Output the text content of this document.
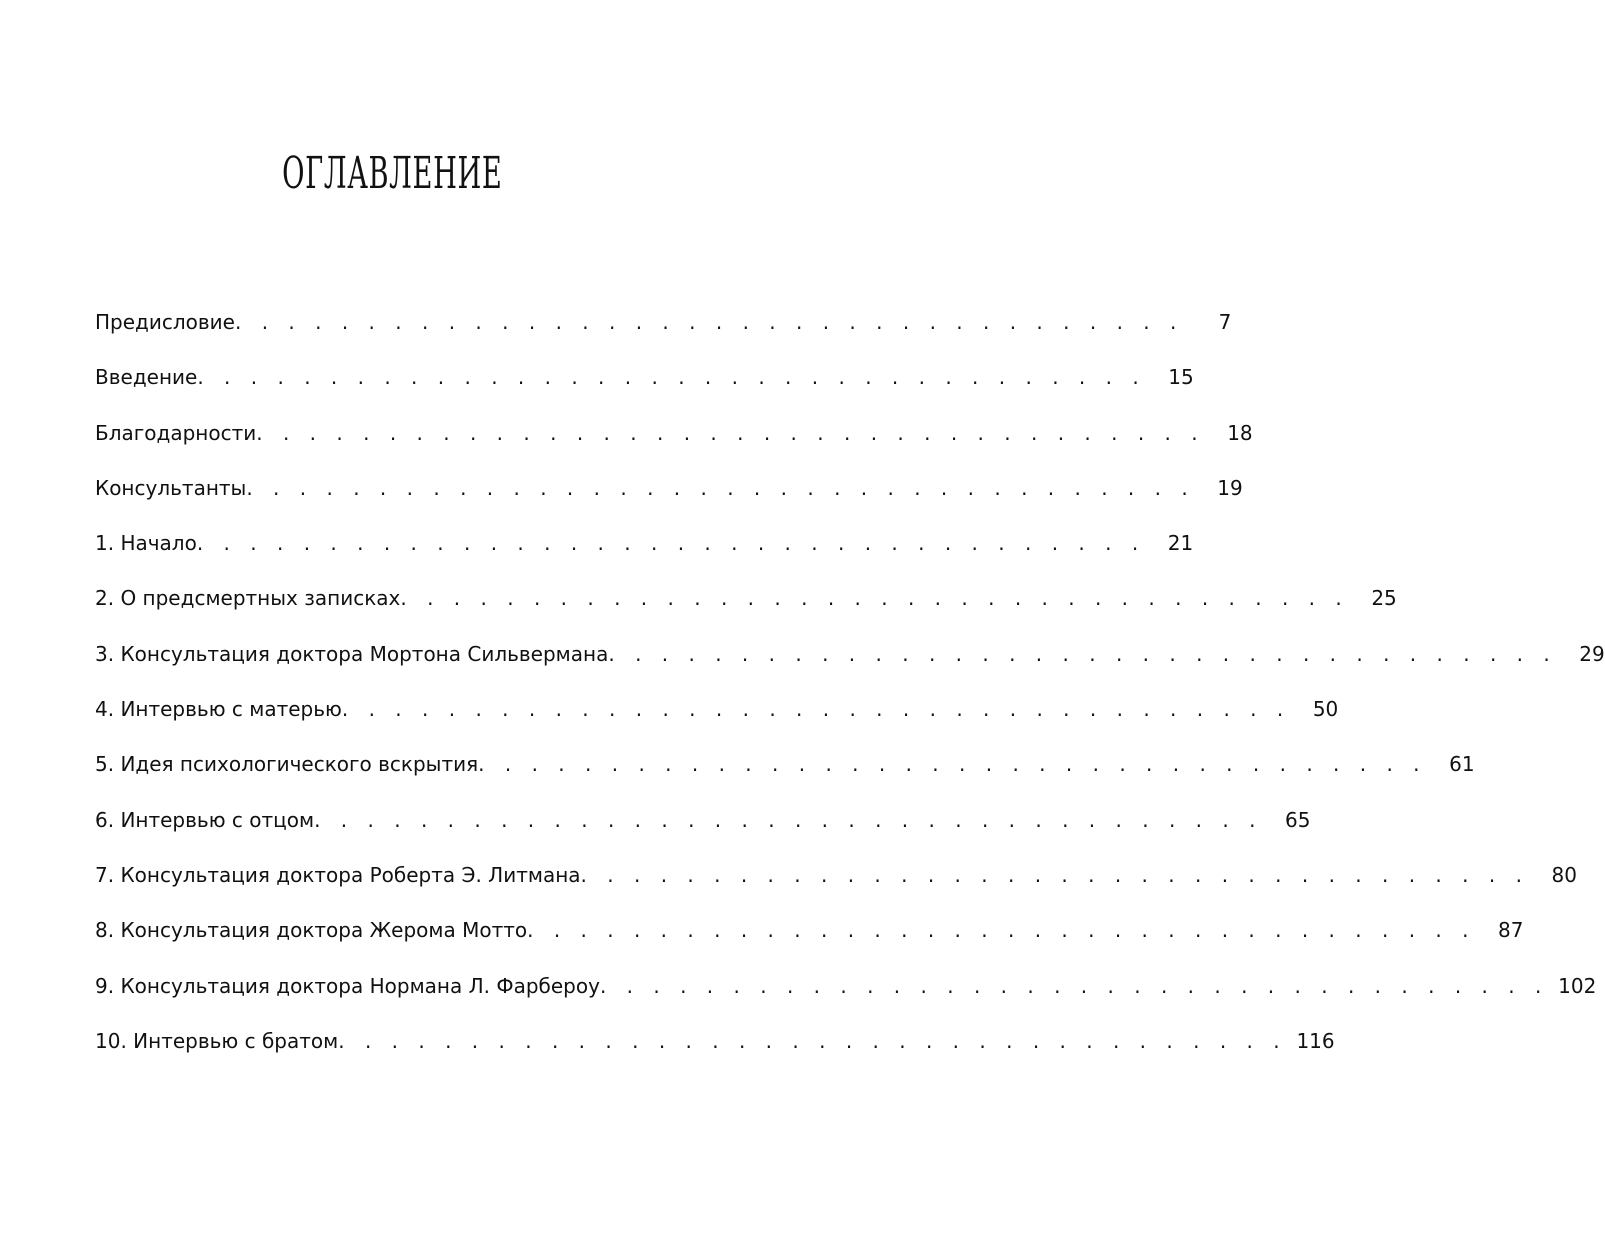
ОГЛАВЛЕНИЕ
Предисловие . . . . . . . . . . . . . . . . . . . . . . . . . . . . . . . . . . . .	7
Введение . . . . . . . . . . . . . . . . . . . . . . . . . . . . . . . . . . . .	15
Благодарности . . . . . . . . . . . . . . . . . . . . . . . . . . . . . . . . . . . .	18
Консультанты . . . . . . . . . . . . . . . . . . . . . . . . . . . . . . . . . . . .	19
1. Начало . . . . . . . . . . . . . . . . . . . . . . . . . . . . . . . . . . . .	21
2. О предсмертных записках . . . . . . . . . . . . . . . . . . . . . . . . . . . . . . . . . . . .	25
3. Консультация доктора Мортона Сильвермана . . . . . . . . . . . . . . . . . . . . . . . . . . . . . . . . . . . .	29
4. Интервью с матерью . . . . . . . . . . . . . . . . . . . . . . . . . . . . . . . . . . . .	50
5. Идея психологического вскрытия . . . . . . . . . . . . . . . . . . . . . . . . . . . . . . . . . . . .	61
6. Интервью с отцом . . . . . . . . . . . . . . . . . . . . . . . . . . . . . . . . . . . .	65
7. Консультация доктора Роберта Э. Литмана . . . . . . . . . . . . . . . . . . . . . . . . . . . . . . . . . . . .	80
8. Консультация доктора Жерома Мотто . . . . . . . . . . . . . . . . . . . . . . . . . . . . . . . . . . . .	87
9. Консультация доктора Нормана Л. Фарбероу . . . . . . . . . . . . . . . . . . . . . . . . . . . . . . . . . . . . 102
10. Интервью с братом . . . . . . . . . . . . . . . . . . . . . . . . . . . . . . . . . . . . 116
